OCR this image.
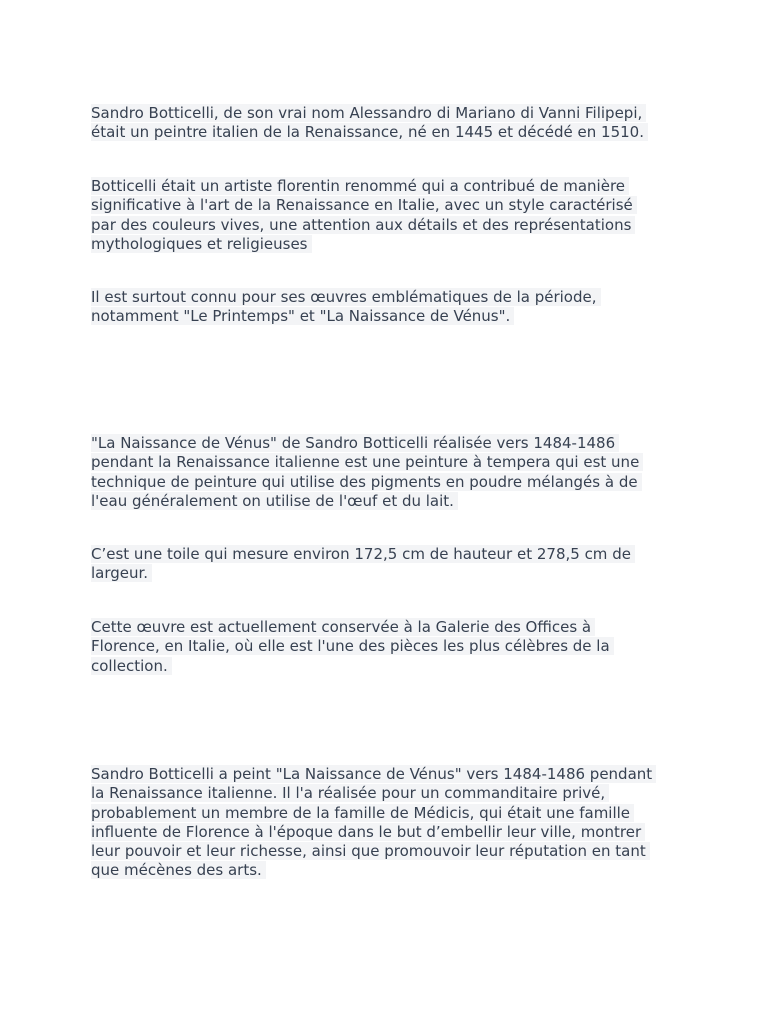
Sandro Botticelli, de son vrai nom Alessandro di Mariano di Vanni Filipepi,
était un peintre italien de la Renaissance, né en 1445 et décédé en 1510.

Botticelli était un artiste florentin renommé qui a contribué de manière
significative à l'art de la Renaissance en Italie, avec un style caractérisé
par des couleurs vives, une attention aux détails et des représentations
mythologiques et religieuses

Il est surtout connu pour ses œuvres emblématiques de la période,
notamment "Le Printemps" et "La Naissance de Vénus".

"La Naissance de Vénus" de Sandro Botticelli réalisée vers 1484-1486
pendant la Renaissance italienne est une peinture à tempera qui est une
technique de peinture qui utilise des pigments en poudre mélangés à de
l'eau généralement on utilise de l'œuf et du lait.

C’est une toile qui mesure environ 172,5 cm de hauteur et 278,5 cm de
largeur.

Cette œuvre est actuellement conservée à la Galerie des Offices à
Florence, en Italie, où elle est l'une des pièces les plus célèbres de la
collection.

Sandro Botticelli a peint "La Naissance de Vénus" vers 1484-1486 pendant
la Renaissance italienne. Il l'a réalisée pour un commanditaire privé,
probablement un membre de la famille de Médicis, qui était une famille
influente de Florence à l'époque dans le but d’embellir leur ville, montrer
leur pouvoir et leur richesse, ainsi que promouvoir leur réputation en tant
que mécènes des arts.
